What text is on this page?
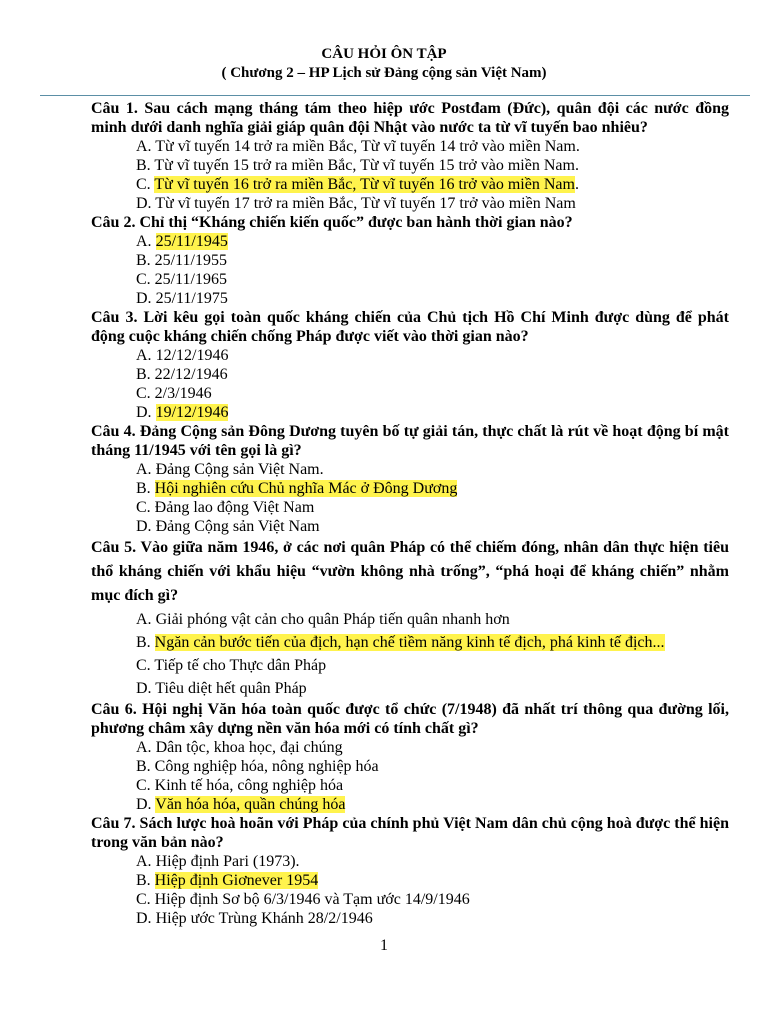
CÂU HỎI ÔN TẬP
( Chương 2 – HP Lịch sử Đảng cộng sản Việt Nam)
Câu 1. Sau cách mạng tháng tám theo hiệp ước Postđam (Đức), quân đội các nước đồng minh dưới danh nghĩa giải giáp quân đội Nhật vào nước ta từ vĩ tuyến bao nhiêu?
A. Từ vĩ tuyến 14 trở ra miền Bắc, Từ vĩ tuyến 14 trở vào miền Nam.
B. Từ vĩ tuyến 15 trở ra miền Bắc, Từ vĩ tuyến 15 trở vào miền Nam.
C. Từ vĩ tuyến 16 trở ra miền Bắc, Từ vĩ tuyến 16 trở vào miền Nam.
D. Từ vĩ tuyến 17 trở ra miền Bắc, Từ vĩ tuyến 17 trở vào miền Nam
Câu 2. Chỉ thị “Kháng chiến kiến quốc” được ban hành thời gian nào?
A. 25/11/1945
B. 25/11/1955
C. 25/11/1965
D. 25/11/1975
Câu 3. Lời kêu gọi toàn quốc kháng chiến của Chủ tịch Hồ Chí Minh được dùng để phát động cuộc kháng chiến chống Pháp được viết vào thời gian nào?
A. 12/12/1946
B. 22/12/1946
C. 2/3/1946
D. 19/12/1946
Câu 4. Đảng Cộng sản Đông Dương tuyên bố tự giải tán, thực chất là rút về hoạt động bí mật tháng 11/1945 với tên gọi là gì?
A. Đảng Cộng sản Việt Nam.
B. Hội nghiên cứu Chủ nghĩa Mác ở Đông Dương
C. Đảng lao động Việt Nam
D. Đảng Cộng sản Việt Nam
Câu 5. Vào giữa năm 1946, ở các nơi quân Pháp có thể chiếm đóng, nhân dân thực hiện tiêu thổ kháng chiến với khẩu hiệu “vườn không nhà trống”, “phá hoại để kháng chiến” nhằm mục đích gì?
A. Giải phóng vật cản cho quân Pháp tiến quân nhanh hơn
B. Ngăn cản bước tiến của địch, hạn chế tiềm năng kinh tế địch, phá kinh tế địch...
C. Tiếp tế cho Thực dân Pháp
D. Tiêu diệt hết quân Pháp
Câu 6. Hội nghị Văn hóa toàn quốc được tổ chức (7/1948) đã nhất trí thông qua đường lối, phương châm xây dựng nền văn hóa mới có tính chất gì?
A. Dân tộc, khoa học, đại chúng
B. Công nghiệp hóa, nông nghiệp hóa
C. Kinh tế hóa, công nghiệp hóa
D. Văn hóa hóa, quần chúng hóa
Câu 7. Sách lược hoà hoãn với Pháp của chính phủ Việt Nam dân chủ cộng hoà được thể hiện trong văn bản nào?
A. Hiệp định Pari (1973).
B. Hiệp định Giơnever 1954
C. Hiệp định Sơ bộ 6/3/1946 và Tạm ước 14/9/1946
D. Hiệp ước Trùng Khánh 28/2/1946
1
